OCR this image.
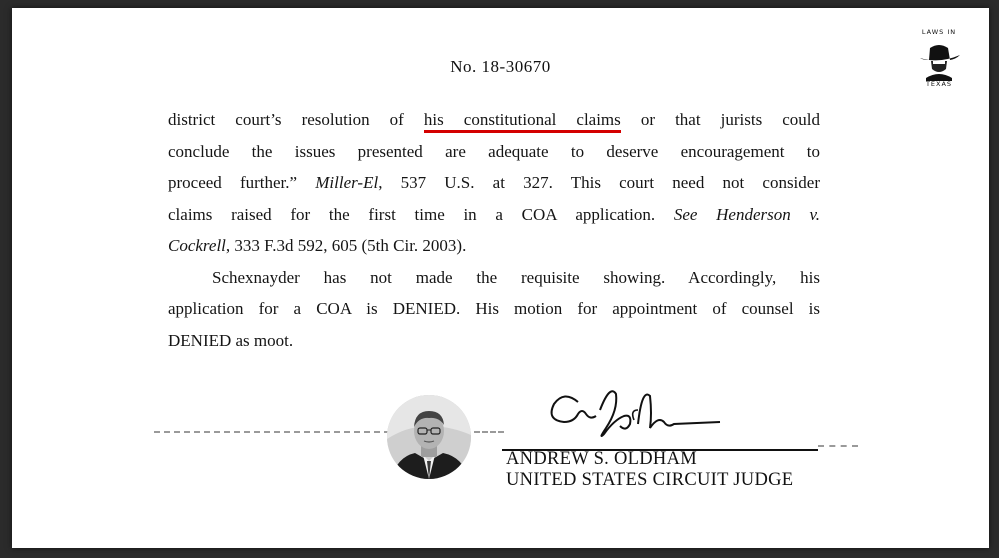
LAWS IN
TEXAS
No. 18-30670
district court’s resolution of his constitutional claims or that jurists could
conclude the issues presented are adequate to deserve encouragement to
proceed further.” Miller-El, 537 U.S. at 327. This court need not consider
claims raised for the first time in a COA application. See Henderson v.
Cockrell, 333 F.3d 592, 605 (5th Cir. 2003).
Schexnayder has not made the requisite showing. Accordingly, his
application for a COA is DENIED. His motion for appointment of counsel is
DENIED as moot.
ANDREW S. OLDHAM
UNITED STATES CIRCUIT JUDGE
